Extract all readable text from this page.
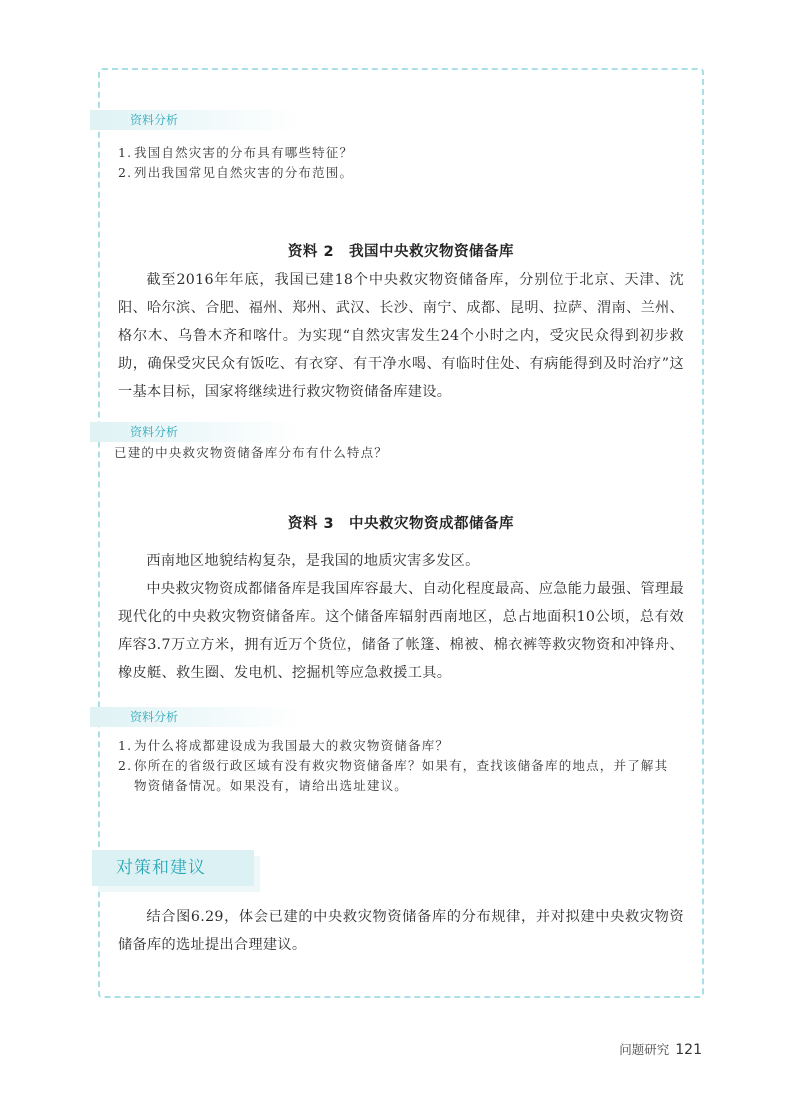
资料分析
1. 我国自然灾害的分布具有哪些特征？
2. 列出我国常见自然灾害的分布范围。
资料 2　我国中央救灾物资储备库

截至2016年年底，我国已建18个中央救灾物资储备库，分别位于北京、天津、沈阳、哈尔滨、合肥、福州、郑州、武汉、长沙、南宁、成都、昆明、拉萨、渭南、兰州、格尔木、乌鲁木齐和喀什。为实现“自然灾害发生24个小时之内，受灾民众得到初步救助，确保受灾民众有饭吃、有衣穿、有干净水喝、有临时住处、有病能得到及时治疗”这一基本目标，国家将继续进行救灾物资储备库建设。

资料分析
已建的中央救灾物资储备库分布有什么特点？
资料 3　中央救灾物资成都储备库

西南地区地貌结构复杂，是我国的地质灾害多发区。

中央救灾物资成都储备库是我国库容最大、自动化程度最高、应急能力最强、管理最现代化的中央救灾物资储备库。这个储备库辐射西南地区，总占地面积10公顷，总有效库容3.7万立方米，拥有近万个货位，储备了帐篷、棉被、棉衣裤等救灾物资和冲锋舟、橡皮艇、救生圈、发电机、挖掘机等应急救援工具。

资料分析
1. 为什么将成都建设成为我国最大的救灾物资储备库？
2. 你所在的省级行政区域有没有救灾物资储备库？如果有，查找该储备库的地点，并了解其物资储备情况。如果没有，请给出选址建议。
对策和建议

结合图6.29，体会已建的中央救灾物资储备库的分布规律，并对拟建中央救灾物资储备库的选址提出合理建议。

问题研究 121
